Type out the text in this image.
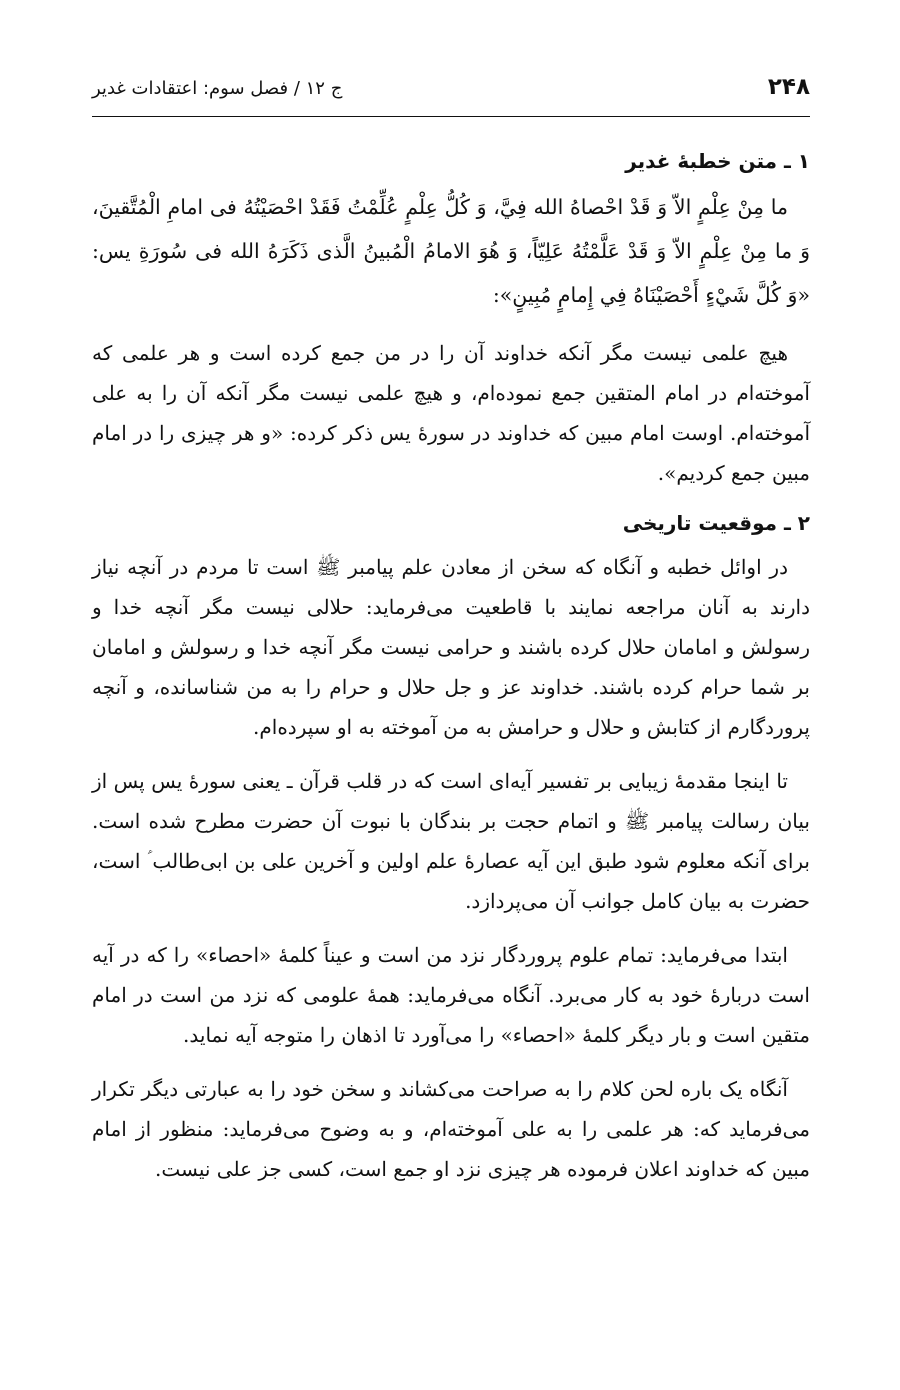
۲۴۸
ج ۱۲ / فصل سوم: اعتقادات غدیر
۱ ـ متن خطبۀ غدیر

ما مِنْ عِلْمٍ الاّ وَ قَدْ احْصاهُ الله فِيَّ، وَ کُلُّ عِلْمٍ عُلِّمْتُ فَقَدْ احْصَيْتُهُ فى امامِ الْمُتَّقينَ، وَ ما مِنْ عِلْمٍ الاّ وَ قَدْ عَلَّمْتُهُ عَلِيّاً، وَ هُوَ الامامُ الْمُبينُ الَّذى ذَکَرَهُ الله فى سُورَةِ يس: «وَ كُلَّ شَيْءٍ أَحْصَيْنَاهُ فِي إِمامٍ مُبِينٍ»:

هیچ علمی نیست مگر آنکه خداوند آن را در من جمع کرده است و هر علمی که آموخته‌ام در امام المتقین جمع نموده‌ام، و هیچ علمی نیست مگر آنکه آن را به علی آموخته‌ام. اوست امام مبین که خداوند در سورۀ یس ذکر کرده: «و هر چیزی را در امام مبین جمع کردیم».

۲ ـ موقعیت تاریخی

در اوائل خطبه و آنگاه که سخن از معادن علم پیامبر ﷺ است تا مردم در آنچه نیاز دارند به آنان مراجعه نمایند با قاطعیت می‌فرماید: حلالی نیست مگر آنچه خدا و رسولش و امامان حلال کرده باشند و حرامی نیست مگر آنچه خدا و رسولش و امامان بر شما حرام کرده باشند. خداوند عز و جل حلال و حرام را به من شناسانده، و آنچه پروردگارم از کتابش و حلال و حرامش به من آموخته به او سپرده‌ام.

تا اینجا مقدمۀ زیبایی بر تفسیر آیه‌ای است که در قلب قرآن ـ یعنی سورۀ یس پس از بیان رسالت پیامبر ﷺ و اتمام حجت بر بندگان با نبوت آن حضرت مطرح شده است. برای آنکه معلوم شود طبق این آیه عصارۀ علم اولین و آخرین علی بن ابی‌طالب ؑ است، حضرت به بیان کامل جوانب آن می‌پردازد.

ابتدا می‌فرماید: تمام علوم پروردگار نزد من است و عیناً کلمۀ «احصاء» را که در آیه است دربارۀ خود به کار می‌برد. آنگاه می‌فرماید: همۀ علومی که نزد من است در امام متقین است و بار دیگر کلمۀ «احصاء» را می‌آورد تا اذهان را متوجه آیه نماید.

آنگاه یک باره لحن کلام را به صراحت می‌کشاند و سخن خود را به عبارتی دیگر تکرار می‌فرماید که: هر علمی را به علی آموخته‌ام، و به وضوح می‌فرماید: منظور از امام مبین که خداوند اعلان فرموده هر چیزی نزد او جمع است، کسی جز علی نیست.
